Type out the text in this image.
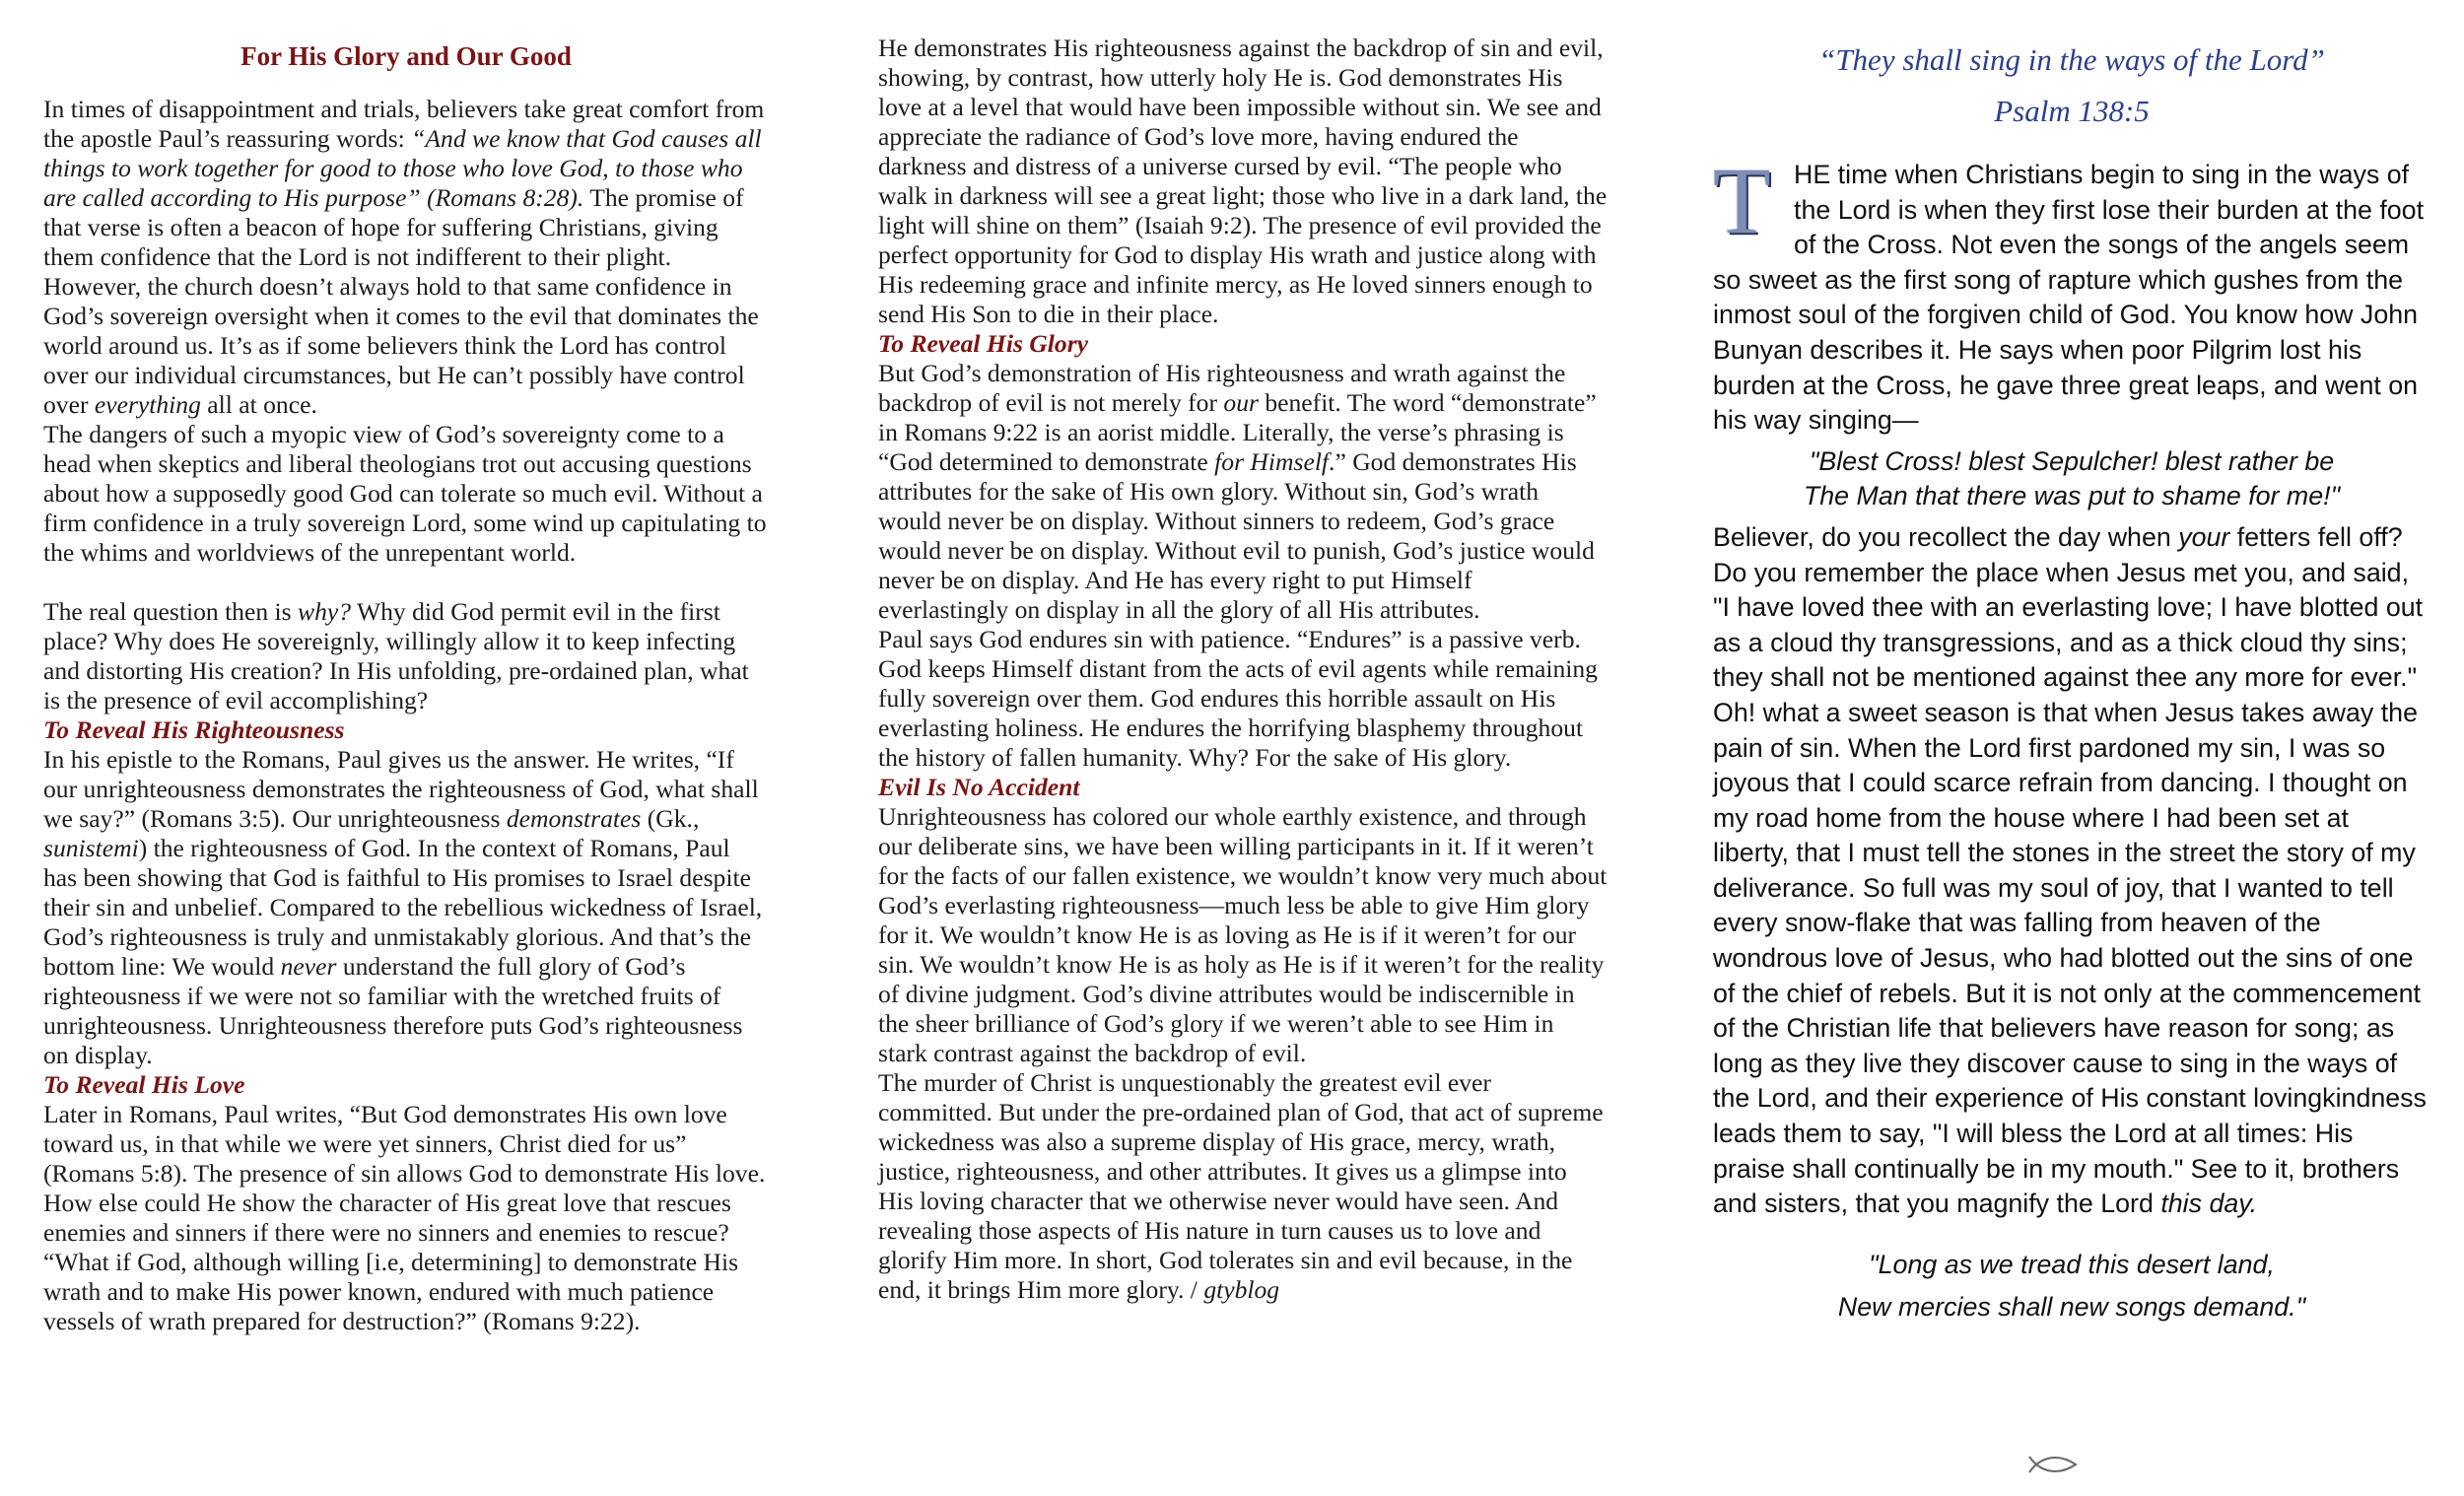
For His Glory and Our Good

In times of disappointment and trials, believers take great comfort from the apostle Paul’s reassuring words: “And we know that God causes all things to work together for good to those who love God, to those who are called according to His purpose” (Romans 8:28). The promise of that verse is often a beacon of hope for suffering Christians, giving them confidence that the Lord is not indifferent to their plight.

However, the church doesn’t always hold to that same confidence in God’s sovereign oversight when it comes to the evil that dominates the world around us. It’s as if some believers think the Lord has control over our individual circumstances, but He can’t possibly have control over everything all at once.

The dangers of such a myopic view of God’s sovereignty come to a head when skeptics and liberal theologians trot out accusing questions about how a supposedly good God can tolerate so much evil. Without a firm confidence in a truly sovereign Lord, some wind up capitulating to the whims and worldviews of the unrepentant world.

The real question then is why? Why did God permit evil in the first place? Why does He sovereignly, willingly allow it to keep infecting and distorting His creation? In His unfolding, pre-ordained plan, what is the presence of evil accomplishing?

To Reveal His Righteousness

In his epistle to the Romans, Paul gives us the answer. He writes, “If our unrighteousness demonstrates the righteousness of God, what shall we say?” (Romans 3:5). Our unrighteousness demonstrates (Gk., sunistemi) the righteousness of God. In the context of Romans, Paul has been showing that God is faithful to His promises to Israel despite their sin and unbelief. Compared to the rebellious wickedness of Israel, God’s righteousness is truly and unmistakably glorious. And that’s the bottom line: We would never understand the full glory of God’s righteousness if we were not so familiar with the wretched fruits of unrighteousness. Unrighteousness therefore puts God’s righteousness on display.

To Reveal His Love

Later in Romans, Paul writes, “But God demonstrates His own love toward us, in that while we were yet sinners, Christ died for us” (Romans 5:8). The presence of sin allows God to demonstrate His love. How else could He show the character of His great love that rescues enemies and sinners if there were no sinners and enemies to rescue? “What if God, although willing [i.e, determining] to demonstrate His wrath and to make His power known, endured with much patience vessels of wrath prepared for destruction?” (Romans 9:22).

He demonstrates His righteousness against the backdrop of sin and evil, showing, by contrast, how utterly holy He is. God demonstrates His love at a level that would have been impossible without sin. We see and appreciate the radiance of God’s love more, having endured the darkness and distress of a universe cursed by evil. “The people who walk in darkness will see a great light; those who live in a dark land, the light will shine on them” (Isaiah 9:2). The presence of evil provided the perfect opportunity for God to display His wrath and justice along with His redeeming grace and infinite mercy, as He loved sinners enough to send His Son to die in their place.

To Reveal His Glory

But God’s demonstration of His righteousness and wrath against the backdrop of evil is not merely for our benefit. The word “demonstrate” in Romans 9:22 is an aorist middle. Literally, the verse’s phrasing is “God determined to demonstrate for Himself.” God demonstrates His attributes for the sake of His own glory. Without sin, God’s wrath would never be on display. Without sinners to redeem, God’s grace would never be on display. Without evil to punish, God’s justice would never be on display. And He has every right to put Himself everlastingly on display in all the glory of all His attributes.

Paul says God endures sin with patience. “Endures” is a passive verb. God keeps Himself distant from the acts of evil agents while remaining fully sovereign over them. God endures this horrible assault on His everlasting holiness. He endures the horrifying blasphemy throughout the history of fallen humanity. Why? For the sake of His glory.

Evil Is No Accident

Unrighteousness has colored our whole earthly existence, and through our deliberate sins, we have been willing participants in it. If it weren’t for the facts of our fallen existence, we wouldn’t know very much about God’s everlasting righteousness—much less be able to give Him glory for it. We wouldn’t know He is as loving as He is if it weren’t for our sin. We wouldn’t know He is as holy as He is if it weren’t for the reality of divine judgment. God’s divine attributes would be indiscernible in the sheer brilliance of God’s glory if we weren’t able to see Him in stark contrast against the backdrop of evil.

The murder of Christ is unquestionably the greatest evil ever committed. But under the pre-ordained plan of God, that act of supreme wickedness was also a supreme display of His grace, mercy, wrath, justice, righteousness, and other attributes. It gives us a glimpse into His loving character that we otherwise never would have seen. And revealing those aspects of His nature in turn causes us to love and glorify Him more. In short, God tolerates sin and evil because, in the end, it brings Him more glory. / gtyblog

“They shall sing in the ways of the Lord”
Psalm 138:5

T HE time when Christians begin to sing in the ways of the Lord is when they first lose their burden at the foot of the Cross. Not even the songs of the angels seem so sweet as the first song of rapture which gushes from the inmost soul of the forgiven child of God. You know how John Bunyan describes it. He says when poor Pilgrim lost his burden at the Cross, he gave three great leaps, and went on his way singing—

"Blest Cross! blest Sepulcher! blest rather be

The Man that there was put to shame for me!"

Believer, do you recollect the day when your fetters fell off? Do you remember the place when Jesus met you, and said, "I have loved thee with an everlasting love; I have blotted out as a cloud thy transgressions, and as a thick cloud thy sins; they shall not be mentioned against thee any more for ever." Oh! what a sweet season is that when Jesus takes away the pain of sin. When the Lord first pardoned my sin, I was so joyous that I could scarce refrain from dancing. I thought on my road home from the house where I had been set at liberty, that I must tell the stones in the street the story of my deliverance. So full was my soul of joy, that I wanted to tell every snow-flake that was falling from heaven of the wondrous love of Jesus, who had blotted out the sins of one of the chief of rebels. But it is not only at the commencement of the Christian life that believers have reason for song; as long as they live they discover cause to sing in the ways of the Lord, and their experience of His constant lovingkindness leads them to say, "I will bless the Lord at all times: His praise shall continually be in my mouth." See to it, brothers and sisters, that you magnify the Lord this day.

"Long as we tread this desert land,

New mercies shall new songs demand."
